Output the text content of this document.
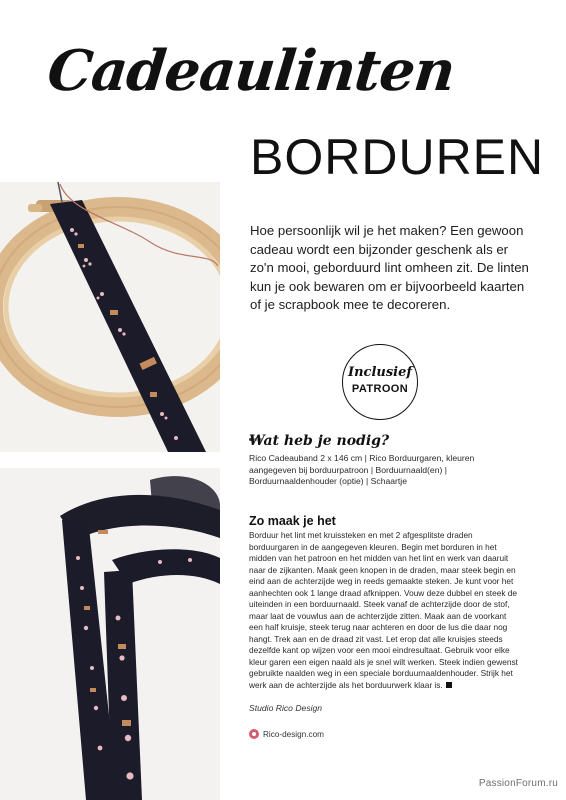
Cadeaulinten
BORDUREN
Hoe persoonlijk wil je het maken? Een gewoon cadeau wordt een bijzonder geschenk als er zo'n mooi, geborduurd lint omheen zit. De linten kun je ook bewaren om er bijvoorbeeld kaarten of je scrapbook mee te decoreren.
Inclusief
PATROON
Wat heb je nodig?
Rico Cadeauband 2 x 146 cm | Rico Borduurgaren, kleuren aangegeven bij borduurpatroon | Borduurnaald(en) | Borduurnaaldenhouder (optie) | Schaartje
Zo maak je het
Borduur het lint met kruissteken en met 2 afgesplitste draden borduurgaren in de aangegeven kleuren. Begin met borduren in het midden van het patroon en het midden van het lint en werk van daaruit naar de zijkanten. Maak geen knopen in de draden, maar steek begin en eind aan de achterzijde weg in reeds gemaakte steken. Je kunt voor het aanhechten ook 1 lange draad afknippen. Vouw deze dubbel en steek de uiteinden in een borduurnaald. Steek vanaf de achterzijde door de stof, maar laat de vouwlus aan de achterzijde zitten. Maak aan de voorkant een half kruisje, steek terug naar achteren en door de lus die daar nog hangt. Trek aan en de draad zit vast. Let erop dat alle kruisjes steeds dezelfde kant op wijzen voor een mooi eindresultaat. Gebruik voor elke kleur garen een eigen naald als je snel wilt werken. Steek indien gewenst gebruikte naalden weg in een speciale borduurnaaldenhouder. Strijk het werk aan de achterzijde als het borduurwerk klaar is.
Studio Rico Design
Rico-design.com
PassionForum.ru
